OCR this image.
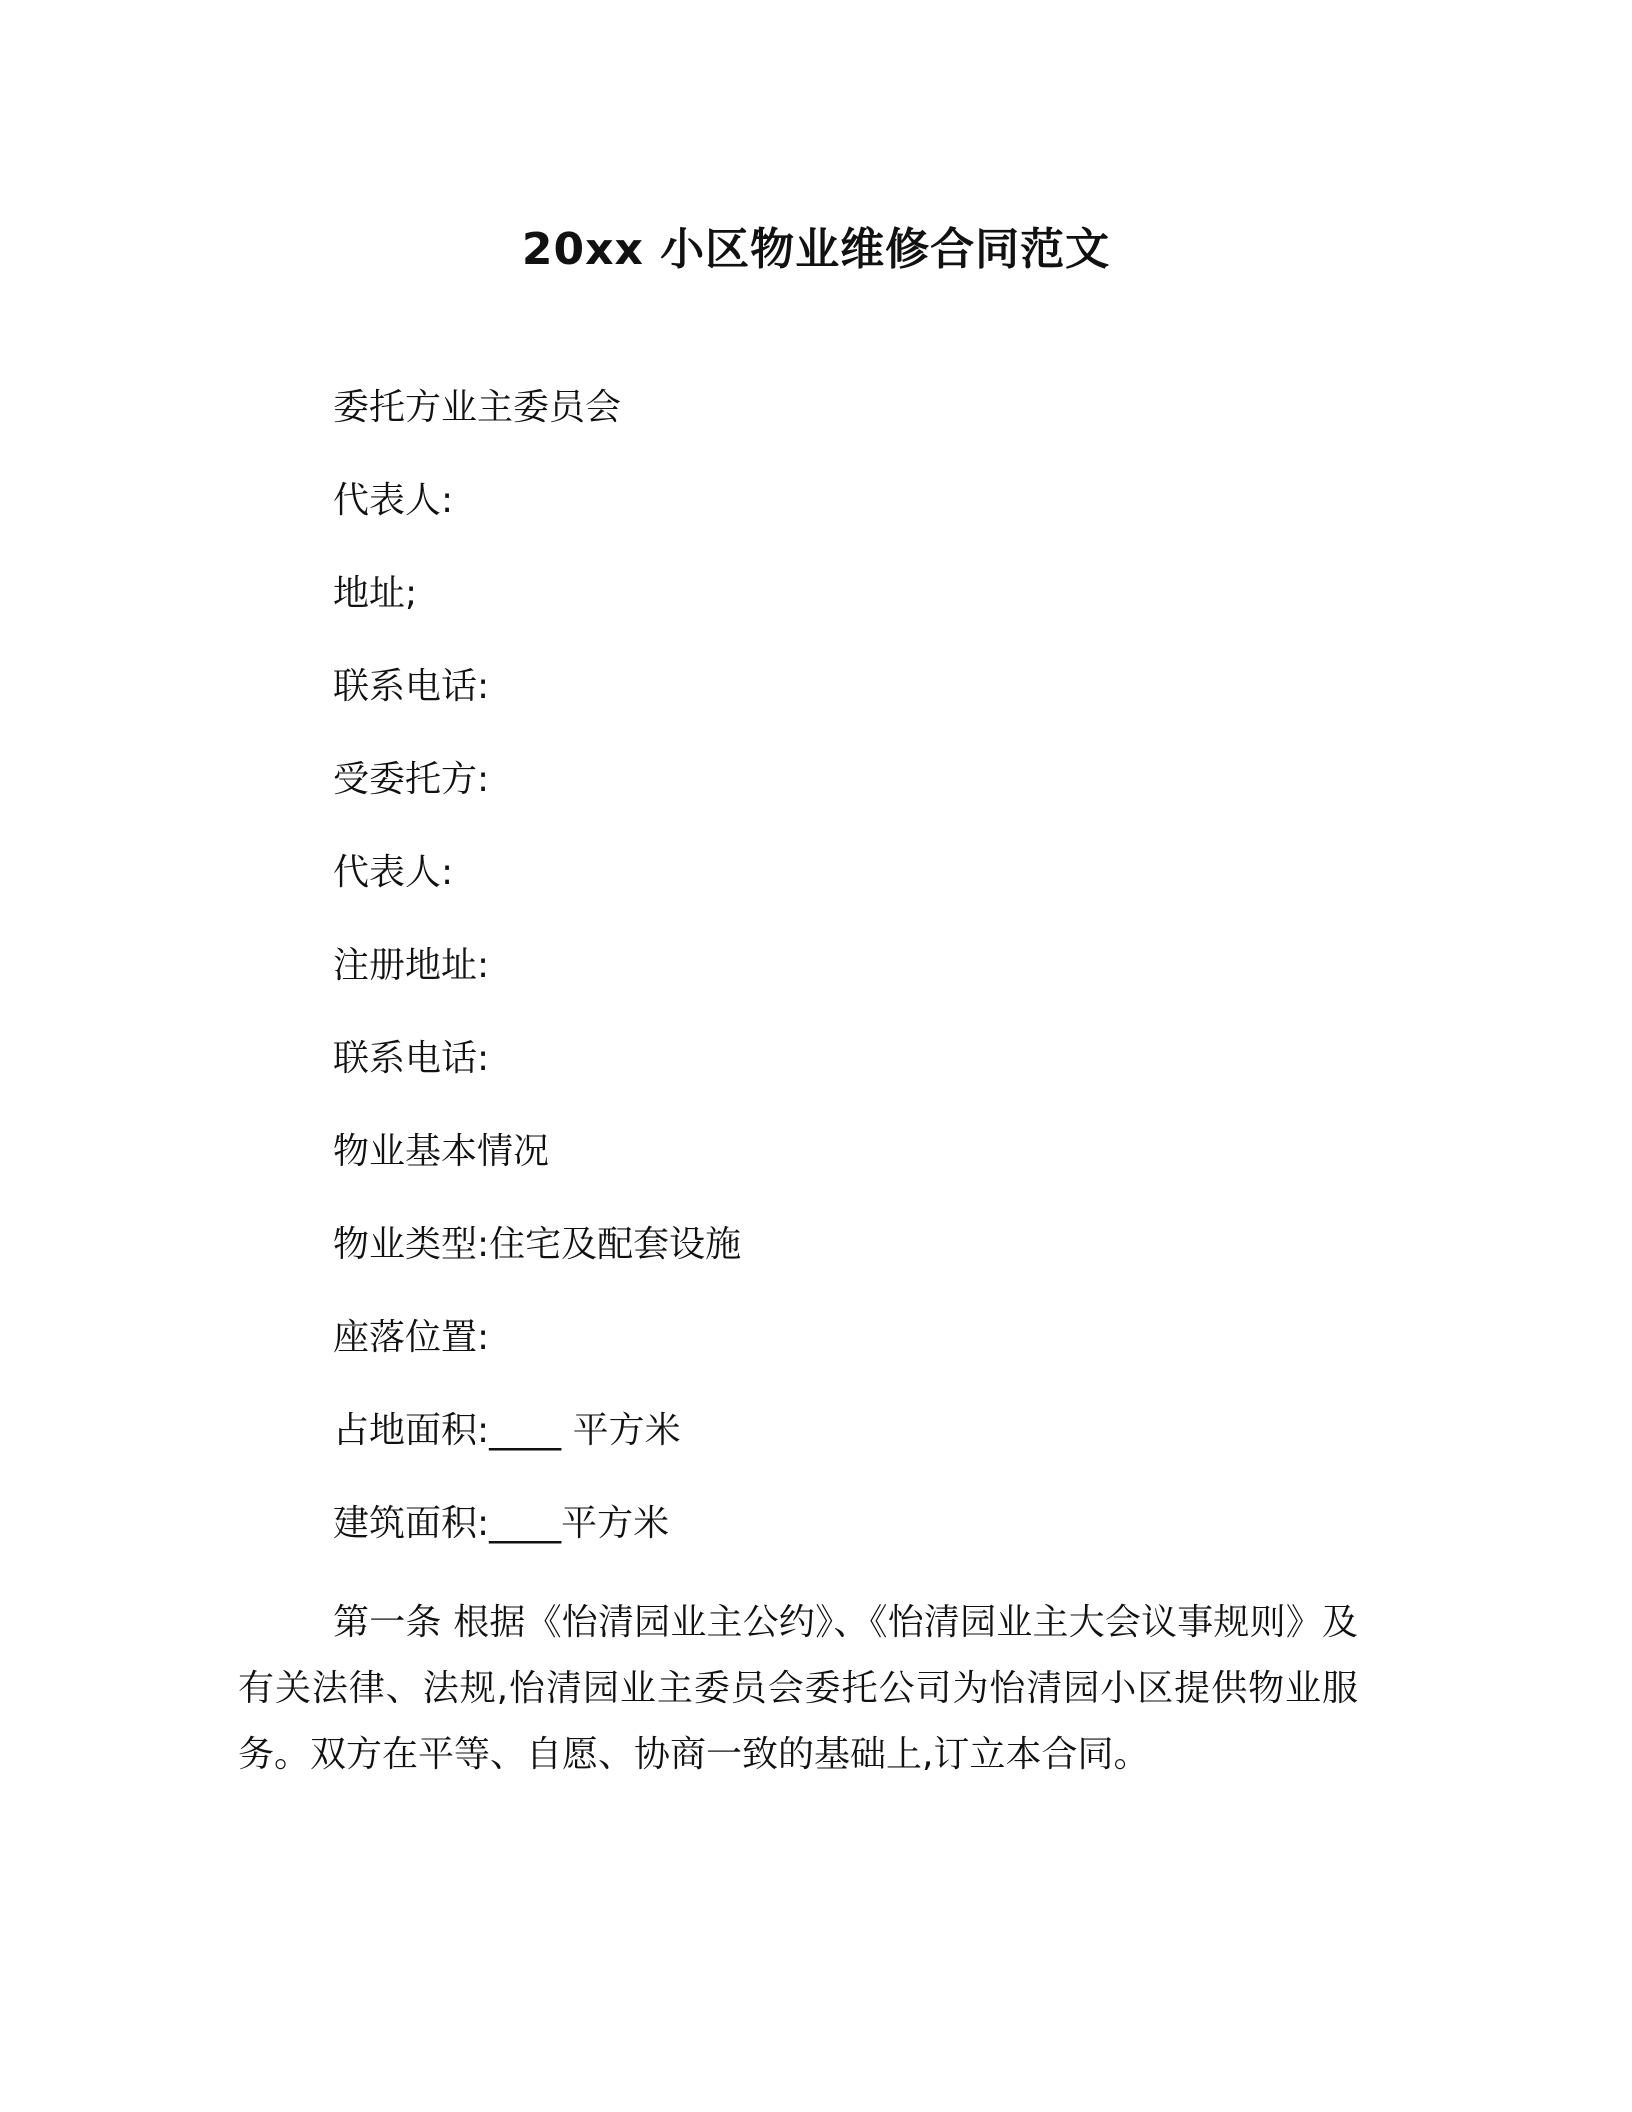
20xx 小区物业维修合同范文

委托方业主委员会

代表人:

地址;

联系电话:

受委托方:

代表人:

注册地址:

联系电话:

物业基本情况

物业类型:住宅及配套设施

座落位置:

占地面积:____ 平方米

建筑面积:____平方米

第一条 根据《怡清园业主公约》、《怡清园业主大会议事规则》及有关法律、法规,怡清园业主委员会委托公司为怡清园小区提供物业服务。双方在平等、自愿、协商一致的基础上,订立本合同。
